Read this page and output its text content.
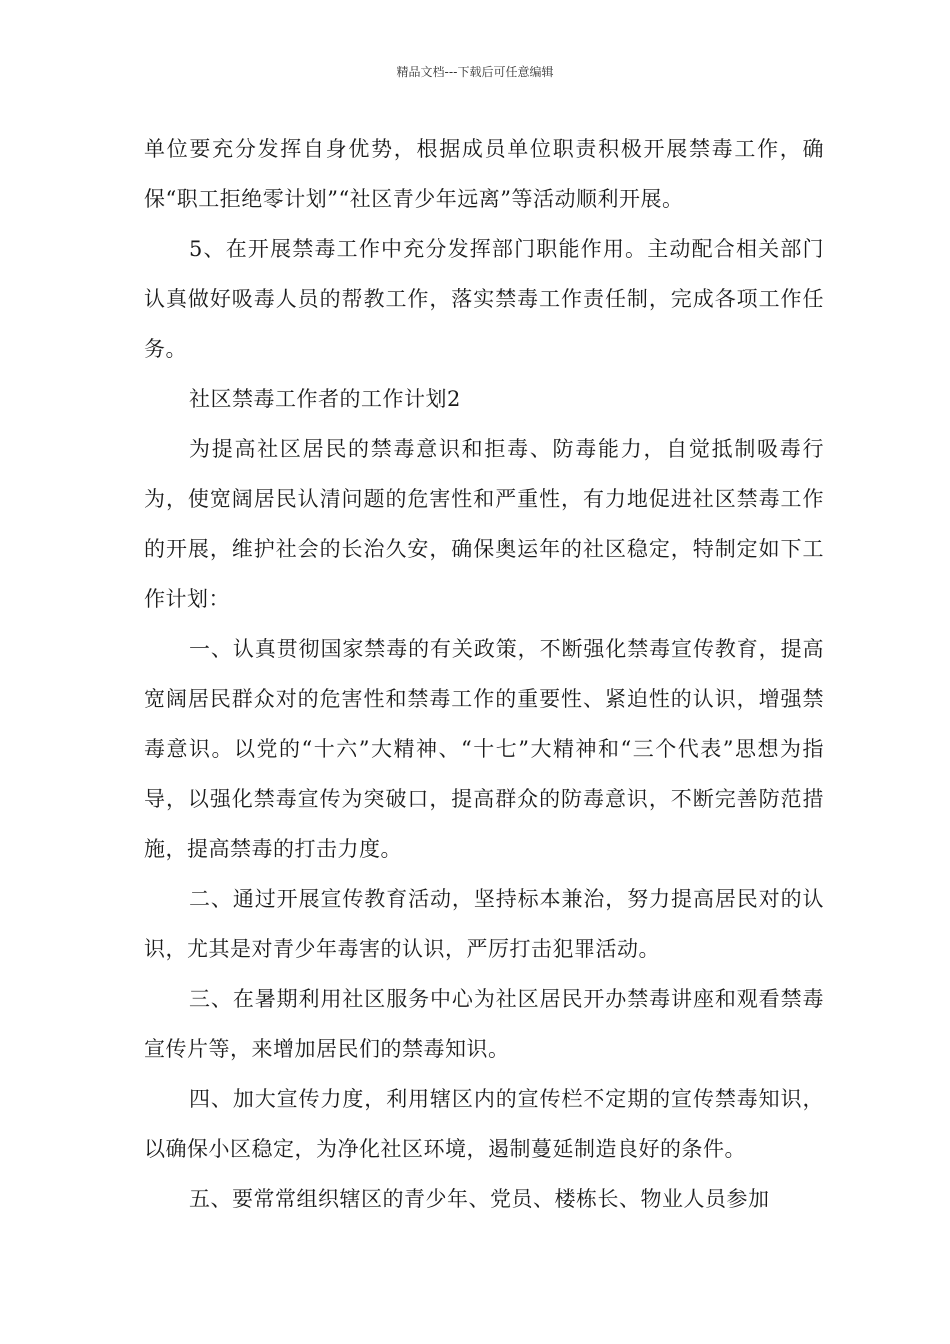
精品文档---下载后可任意编辑

单位要充分发挥自身优势，根据成员单位职责积极开展禁毒工作，确保“职工拒绝零计划”“社区青少年远离”等活动顺利开展。

5、在开展禁毒工作中充分发挥部门职能作用。主动配合相关部门认真做好吸毒人员的帮教工作，落实禁毒工作责任制，完成各项工作任务。

社区禁毒工作者的工作计划2

为提高社区居民的禁毒意识和拒毒、防毒能力，自觉抵制吸毒行为，使宽阔居民认清问题的危害性和严重性，有力地促进社区禁毒工作的开展，维护社会的长治久安，确保奥运年的社区稳定，特制定如下工作计划：

一、认真贯彻国家禁毒的有关政策，不断强化禁毒宣传教育，提高宽阔居民群众对的危害性和禁毒工作的重要性、紧迫性的认识，增强禁毒意识。以党的“十六”大精神、“十七”大精神和“三个代表”思想为指导，以强化禁毒宣传为突破口，提高群众的防毒意识，不断完善防范措施，提高禁毒的打击力度。

二、通过开展宣传教育活动，坚持标本兼治，努力提高居民对的认识，尤其是对青少年毒害的认识，严厉打击犯罪活动。

三、在暑期利用社区服务中心为社区居民开办禁毒讲座和观看禁毒宣传片等，来增加居民们的禁毒知识。

四、加大宣传力度，利用辖区内的宣传栏不定期的宣传禁毒知识，以确保小区稳定，为净化社区环境，遏制蔓延制造良好的条件。

五、要常常组织辖区的青少年、党员、楼栋长、物业人员参加
